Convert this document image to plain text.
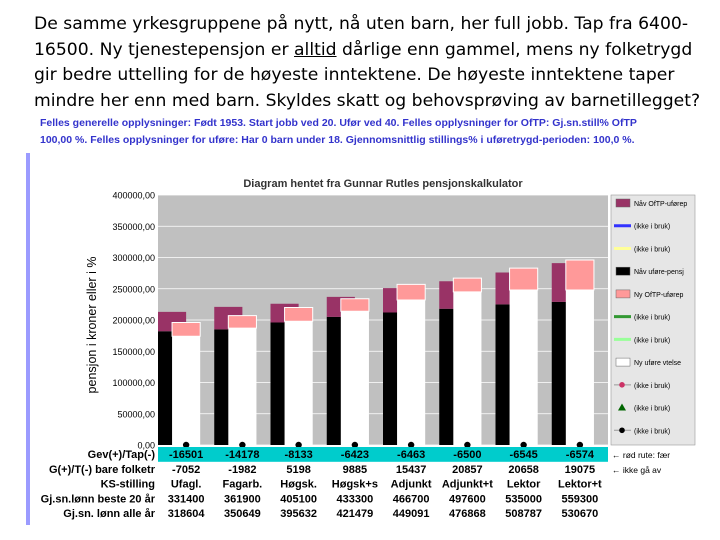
De samme yrkesgruppene på nytt, nå uten barn, her full jobb. Tap fra 6400-16500. Ny tjenestepensjon er alltid dårlige enn gammel, mens ny folketrygd gir bedre uttelling for de høyeste inntektene. De høyeste inntektene taper mindre her enn med barn. Skyldes skatt og behovsprøving av barnetillegget?
Felles generelle opplysninger: Født 1953. Start jobb ved 20. Ufør ved 40. Felles opplysninger for OfTP: Gj.sn.still% OfTP
100,00 %. Felles opplysninger for uføre: Har 0 barn under 18. Gjennomsnittlig stillings% i uføretrygd-perioden: 100,0 %.
Diagram hentet fra Gunnar Rutles pensjonskalkulator
pensjon i kroner eller i %
0,00
50000,00
100000,00
150000,00
200000,00
250000,00
300000,00
350000,00
400000,00
Nåv OfTP-uførep
(ikke i bruk)
(ikke i bruk)
Nåv uføre-pensj
Ny OfTP-uførep
(ikke i bruk)
(ikke i bruk)
Ny uføre vtelse
(ikke i bruk)
(ikke i bruk)
(ikke i bruk)
Gev(+)/Tap(-) -16501 -14178 -8133	-6423	-6463	-6500	-6545	-6574 ← rød rute: fær
G(+)/T(-) bare folketr -7052	-1982	5198	9885	15437 20857 20658 19075 ← ikke gå av
KS-stilling Ufagl. Fagarb. Høgsk. Høgsk+s Adjunkt Adjunkt+t Lektor Lektor+t
Gj.sn.lønn beste 20 år 331400 361900 405100 433300 466700 497600 535000 559300
Gj.sn. lønn alle år 318604 350649 395632 421479 449091 476868 508787 530670
